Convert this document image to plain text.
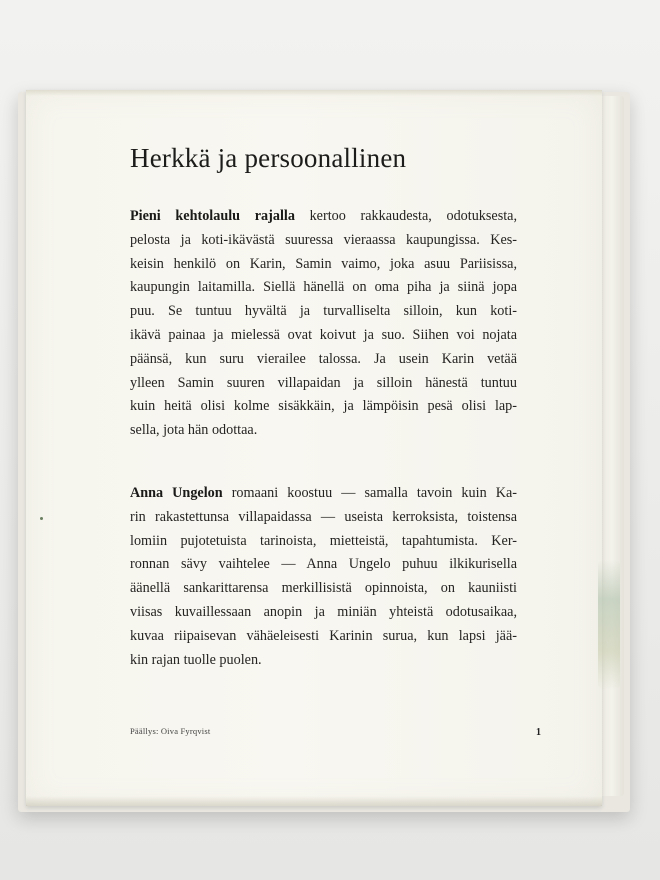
Herkkä ja persoonallinen
Pieni kehtolaulu rajalla kertoo rakkaudesta, odotuksesta,
pelosta ja koti-ikävästä suuressa vieraassa kaupungissa. Kes-
keisin henkilö on Karin, Samin vaimo, joka asuu Pariisissa,
kaupungin laitamilla. Siellä hänellä on oma piha ja siinä jopa
puu. Se tuntuu hyvältä ja turvalliselta silloin, kun koti-
ikävä painaa ja mielessä ovat koivut ja suo. Siihen voi nojata
päänsä, kun suru vierailee talossa. Ja usein Karin vetää
ylleen Samin suuren villapaidan ja silloin hänestä tuntuu
kuin heitä olisi kolme sisäkkäin, ja lämpöisin pesä olisi lap-
sella, jota hän odottaa.
Anna Ungelon romaani koostuu — samalla tavoin kuin Ka-
rin rakastettunsa villapaidassa — useista kerroksista, toistensa
lomiin pujotetuista tarinoista, mietteistä, tapahtumista. Ker-
ronnan sävy vaihtelee — Anna Ungelo puhuu ilkikurisella
äänellä sankarittarensa merkillisistä opinnoista, on kauniisti
viisas kuvaillessaan anopin ja miniän yhteistä odotusaikaa,
kuvaa riipaisevan vähäeleisesti Karinin surua, kun lapsi jää-
kin rajan tuolle puolen.
Päällys: Oiva Fyrqvist	1
